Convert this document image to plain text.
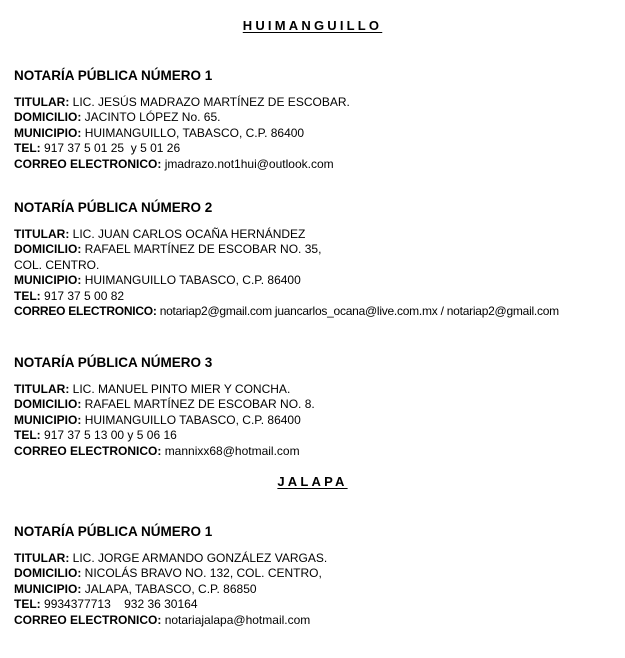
HUIMANGUILLO
NOTARÍA PÚBLICA NÚMERO 1
TITULAR: LIC. JESÚS MADRAZO MARTÍNEZ DE ESCOBAR.
DOMICILIO: JACINTO LÓPEZ No. 65.
MUNICIPIO: HUIMANGUILLO, TABASCO, C.P. 86400
TEL: 917 37 5 01 25  y 5 01 26
CORREO ELECTRONICO: jmadrazo.not1hui@outlook.com
NOTARÍA PÚBLICA NÚMERO 2
TITULAR: LIC. JUAN CARLOS OCAÑA HERNÁNDEZ
DOMICILIO: RAFAEL MARTÍNEZ DE ESCOBAR NO. 35,
COL. CENTRO.
MUNICIPIO: HUIMANGUILLO TABASCO, C.P. 86400
TEL: 917 37 5 00 82
CORREO ELECTRONICO: notariap2@gmail.com juancarlos_ocana@live.com.mx / notariap2@gmail.com
NOTARÍA PÚBLICA NÚMERO 3
TITULAR: LIC. MANUEL PINTO MIER Y CONCHA.
DOMICILIO: RAFAEL MARTÍNEZ DE ESCOBAR NO. 8.
MUNICIPIO: HUIMANGUILLO TABASCO, C.P. 86400
TEL: 917 37 5 13 00 y 5 06 16
CORREO ELECTRONICO: mannixx68@hotmail.com
JALAPA
NOTARÍA PÚBLICA NÚMERO 1
TITULAR: LIC. JORGE ARMANDO GONZÁLEZ VARGAS.
DOMICILIO: NICOLÁS BRAVO NO. 132, COL. CENTRO,
MUNICIPIO: JALAPA, TABASCO, C.P. 86850
TEL: 9934377713    932 36 30164
CORREO ELECTRONICO: notariajalapa@hotmail.com
